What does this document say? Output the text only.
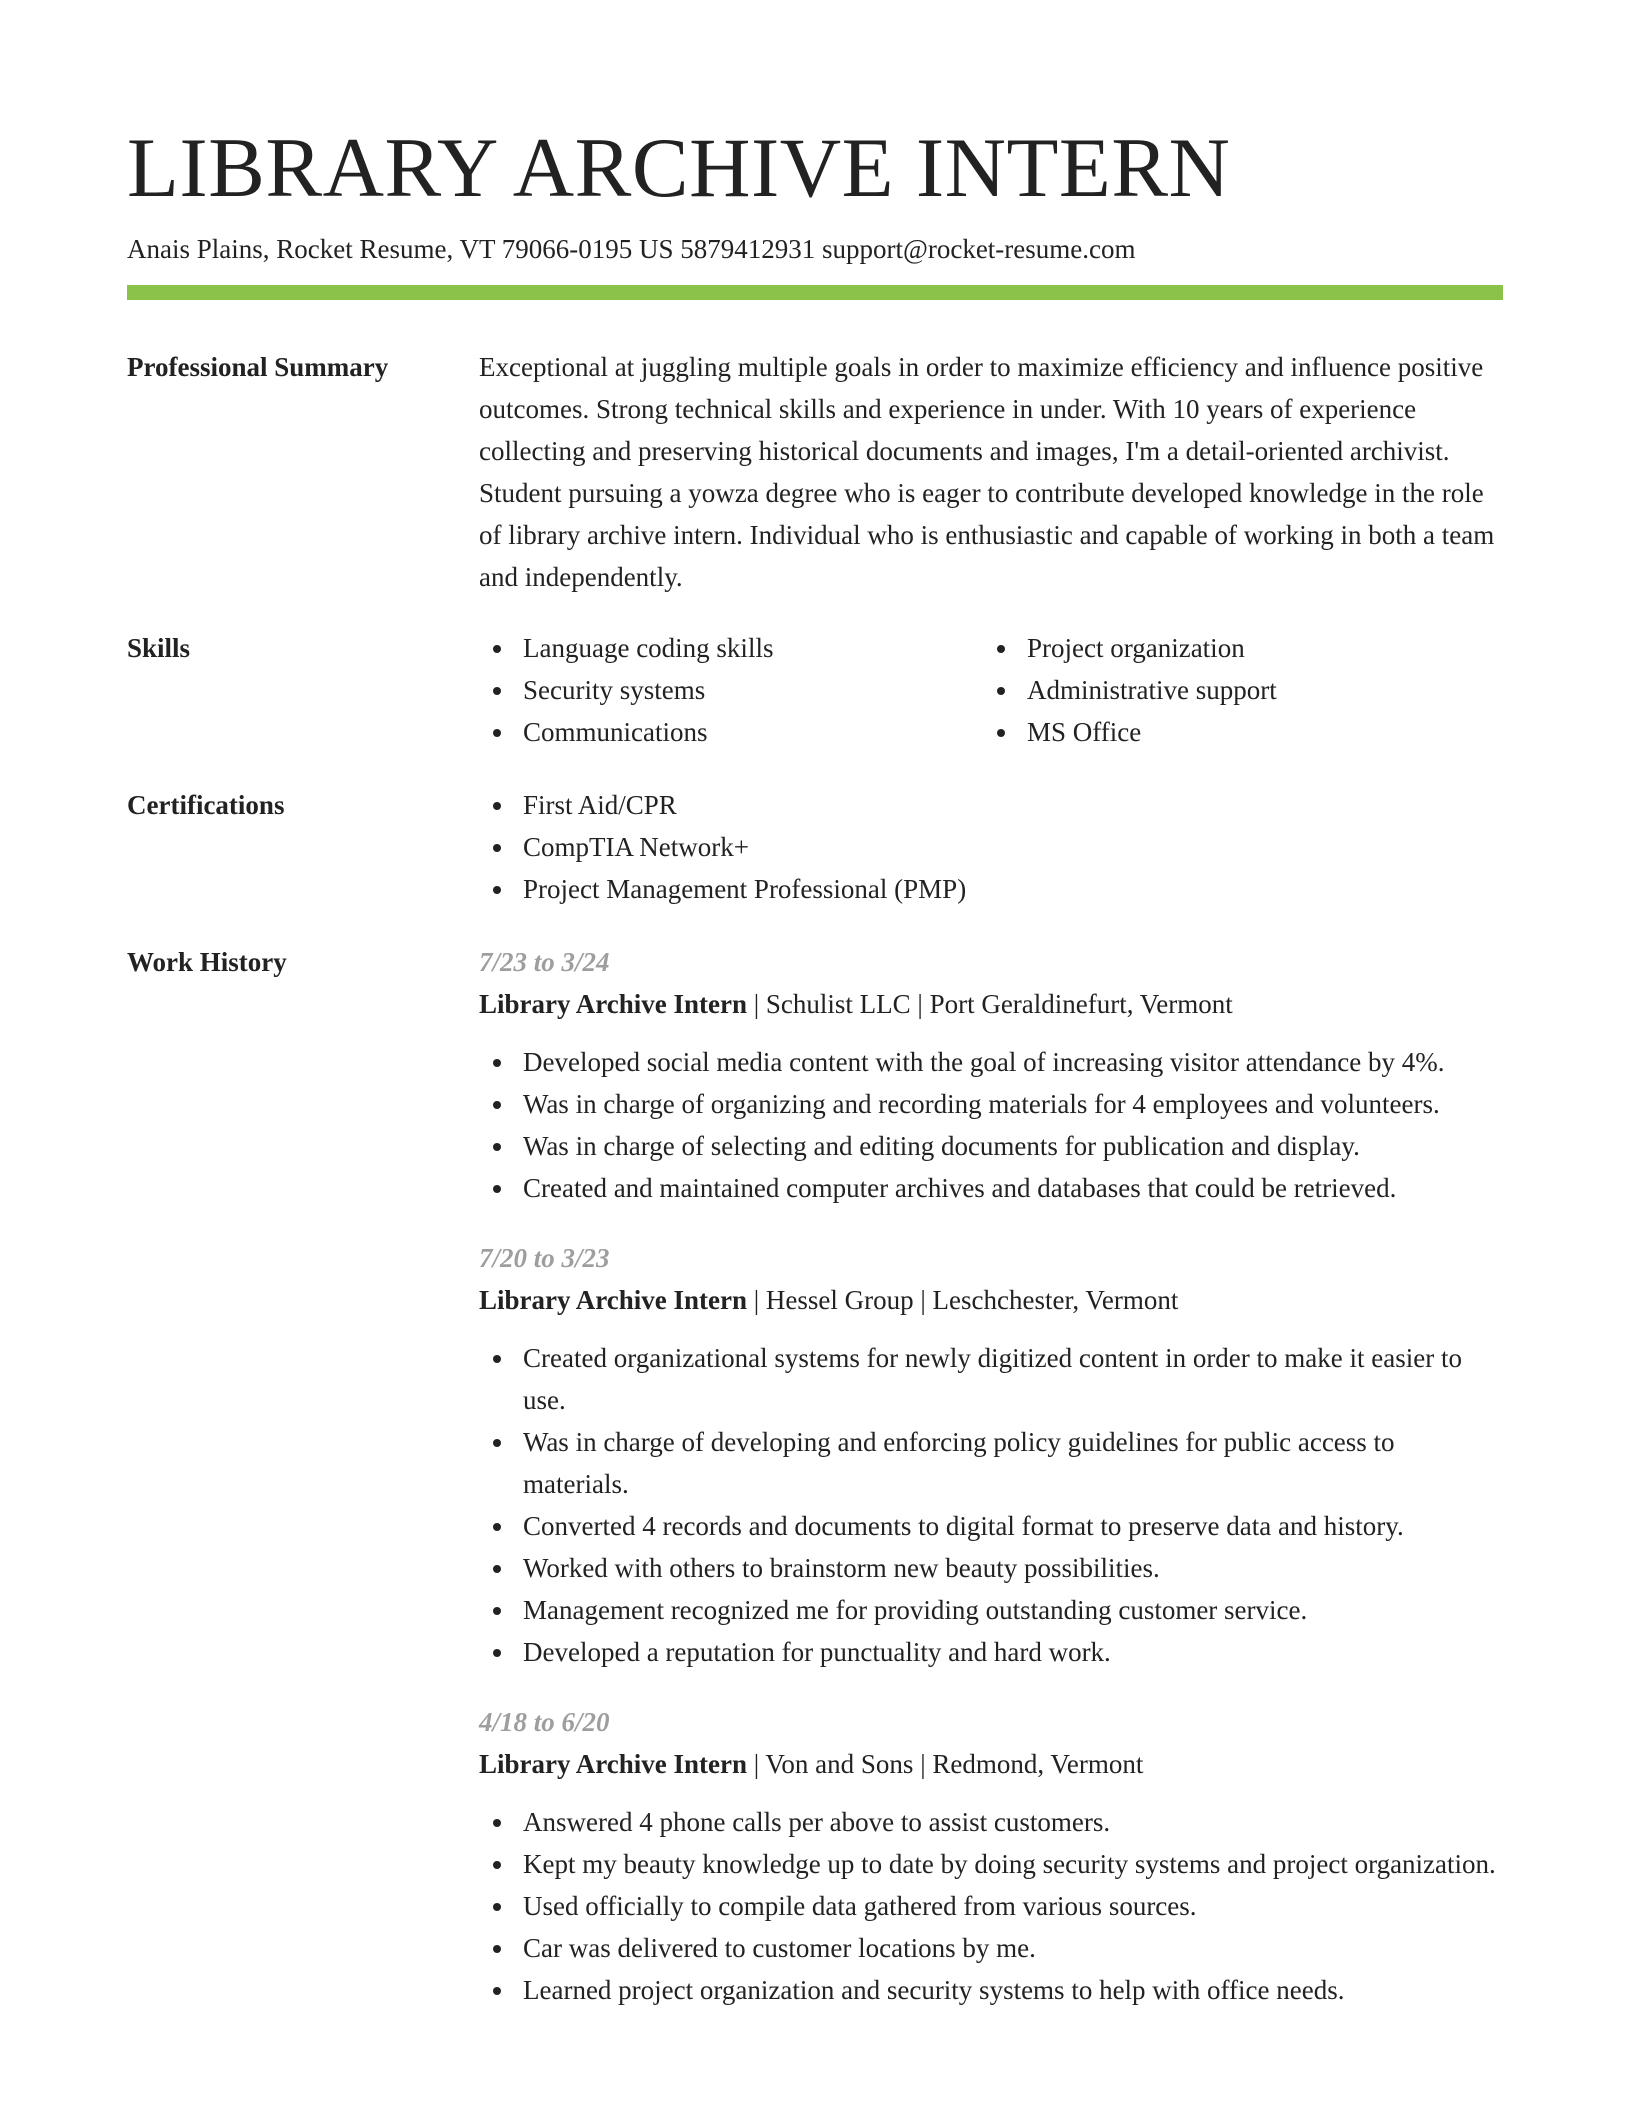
LIBRARY ARCHIVE INTERN
Anais Plains, Rocket Resume, VT 79066-0195 US 5879412931 support@rocket-resume.com
Professional Summary	Exceptional at juggling multiple goals in order to maximize efficiency and influence positive outcomes. Strong technical skills and experience in under. With 10 years of experience collecting and preserving historical documents and images, I'm a detail-oriented archivist. Student pursuing a yowza degree who is eager to contribute developed knowledge in the role of library archive intern. Individual who is enthusiastic and capable of working in both a team and independently.

Skills	Language coding skills
Security systems
Communications
Project organization
Administrative support
MS Office
Certifications	First Aid/CPR
CompTIA Network+
Project Management Professional (PMP)
Work History	7/23 to 3/24
Library Archive Intern | Schulist LLC | Port Geraldinefurt, Vermont
Developed social media content with the goal of increasing visitor attendance by 4%.
Was in charge of organizing and recording materials for 4 employees and volunteers.
Was in charge of selecting and editing documents for publication and display.
Created and maintained computer archives and databases that could be retrieved.
7/20 to 3/23
Library Archive Intern | Hessel Group | Leschchester, Vermont
Created organizational systems for newly digitized content in order to make it easier to use.
Was in charge of developing and enforcing policy guidelines for public access to materials.
Converted 4 records and documents to digital format to preserve data and history.
Worked with others to brainstorm new beauty possibilities.
Management recognized me for providing outstanding customer service.
Developed a reputation for punctuality and hard work.
4/18 to 6/20
Library Archive Intern | Von and Sons | Redmond, Vermont
Answered 4 phone calls per above to assist customers.
Kept my beauty knowledge up to date by doing security systems and project organization.
Used officially to compile data gathered from various sources.
Car was delivered to customer locations by me.
Learned project organization and security systems to help with office needs.
